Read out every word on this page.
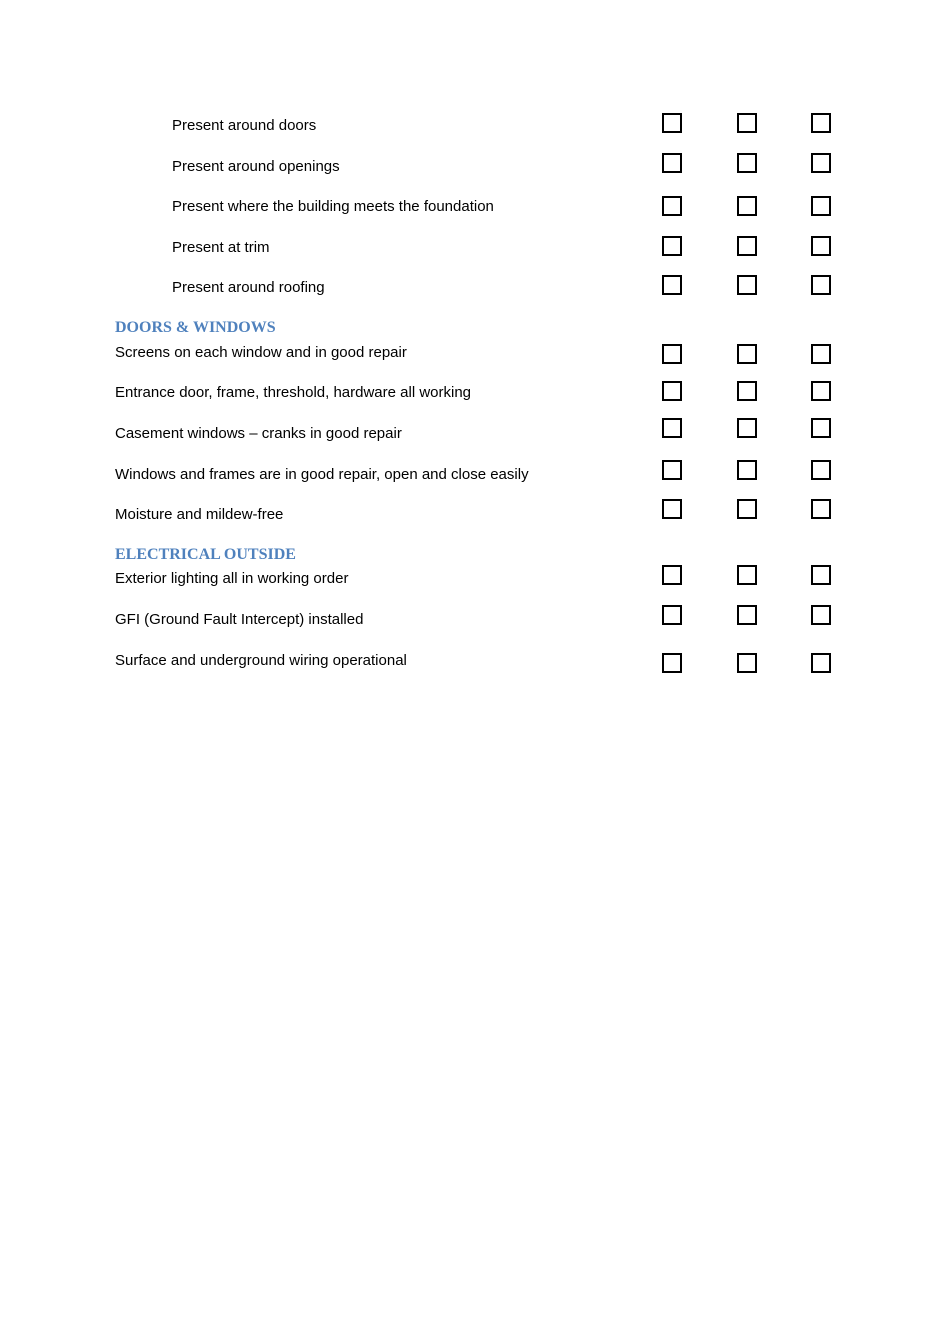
Present around doors
Present around openings
Present where the building meets the foundation
Present at trim
Present around roofing
DOORS & WINDOWS
Screens on each window and in good repair
Entrance door, frame, threshold, hardware all working
Casement windows – cranks in good repair
Windows and frames are in good repair, open and close easily
Moisture and mildew-free
ELECTRICAL OUTSIDE
Exterior lighting all in working order
GFI (Ground Fault Intercept) installed
Surface and underground wiring operational
